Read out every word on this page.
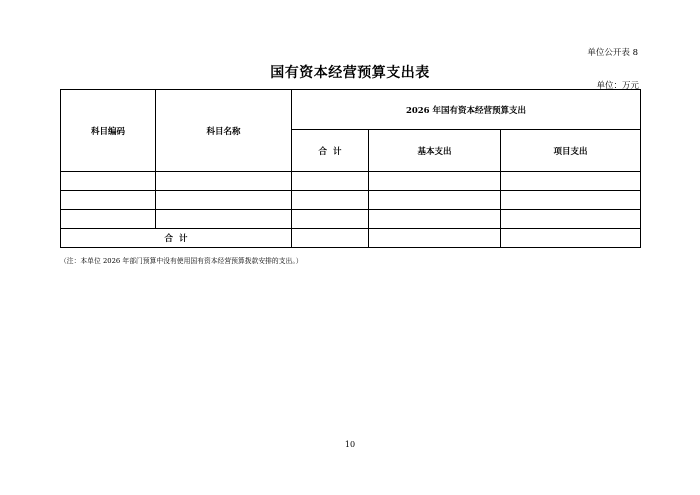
单位公开表 8
国有资本经营预算支出表
单位：万元
科目编码	科目名称	2026 年国有资本经营预算支出		
		合  计	基本支出	项目支出

合  计				
（注：本单位 2026 年部门预算中没有使用国有资本经营预算拨款安排的支出。）
10
